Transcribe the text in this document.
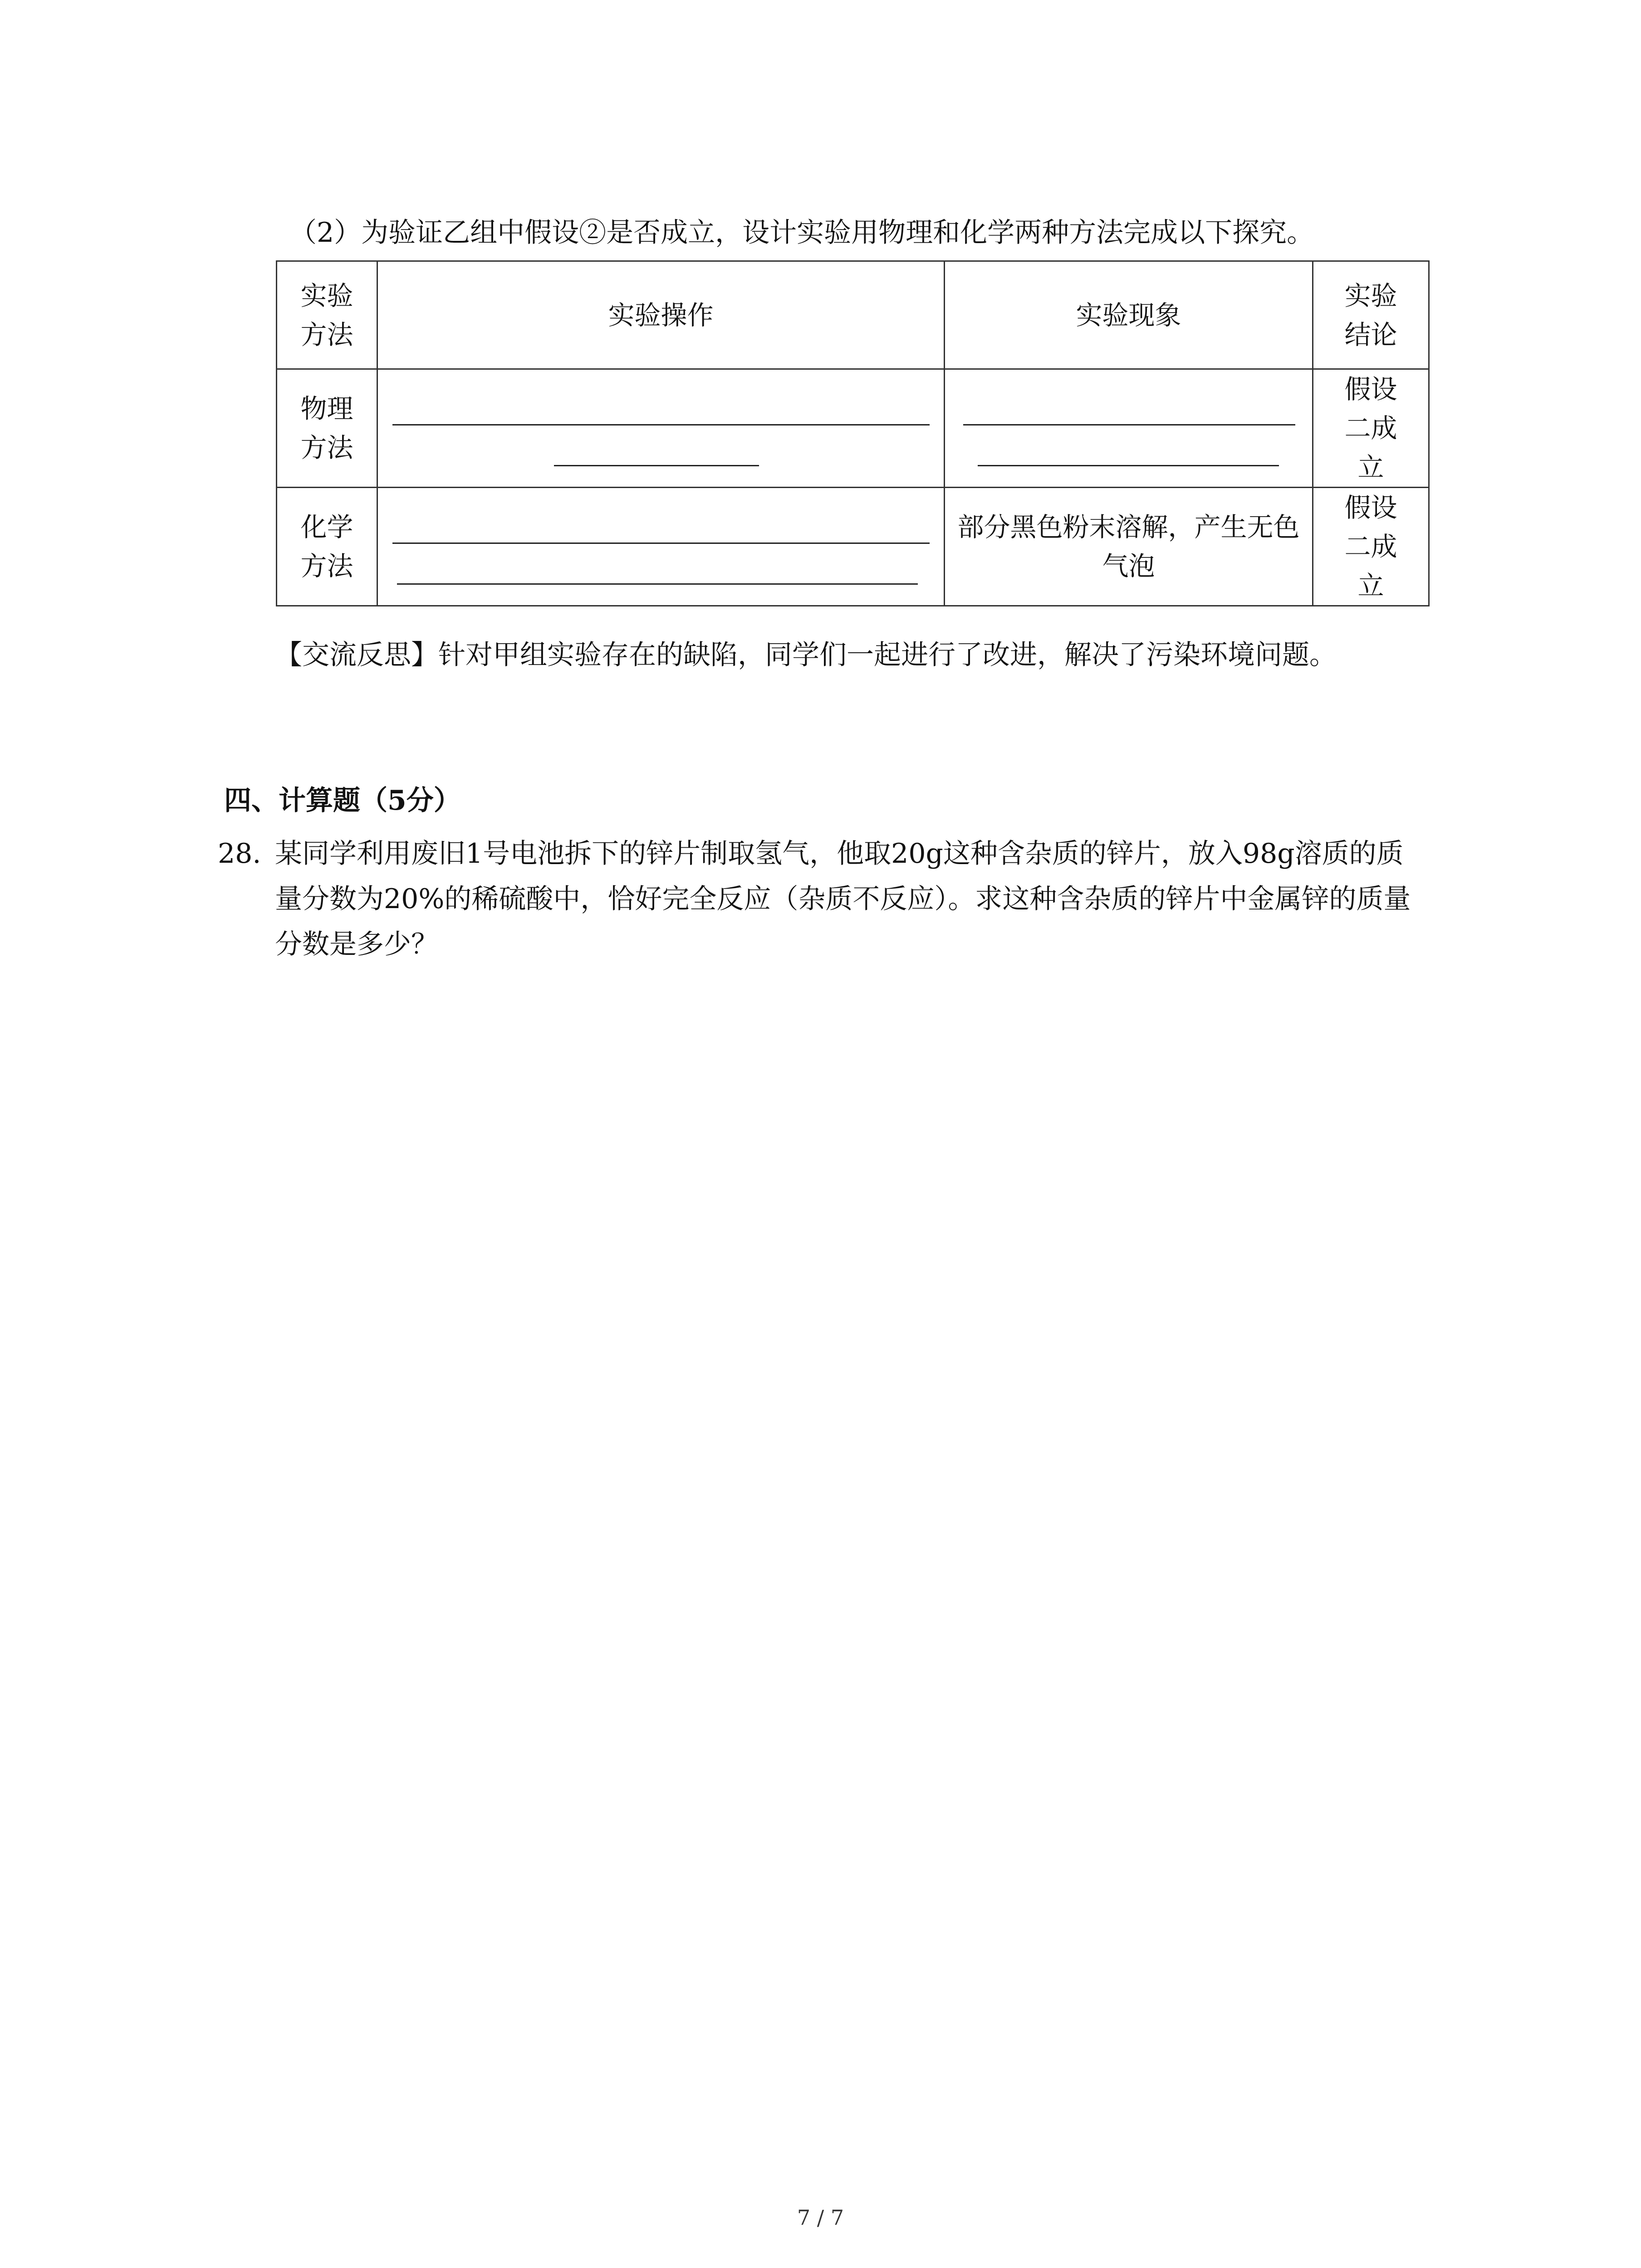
（2）为验证乙组中假设②是否成立，设计实验用物理和化学两种方法完成以下探究。
实验方法	实验操作	实验现象	实验结论
物理方法			假设二成立
化学方法		部分黑色粉末溶解，产生无色气泡	假设二成立
【交流反思】针对甲组实验存在的缺陷，同学们一起进行了改进，解决了污染环境问题。
四、计算题（5分）
28. 某同学利用废旧1号电池拆下的锌片制取氢气，他取20g这种含杂质的锌片，放入98g溶质的质量分数为20%的稀硫酸中，恰好完全反应（杂质不反应）。求这种含杂质的锌片中金属锌的质量分数是多少？
7 / 7
